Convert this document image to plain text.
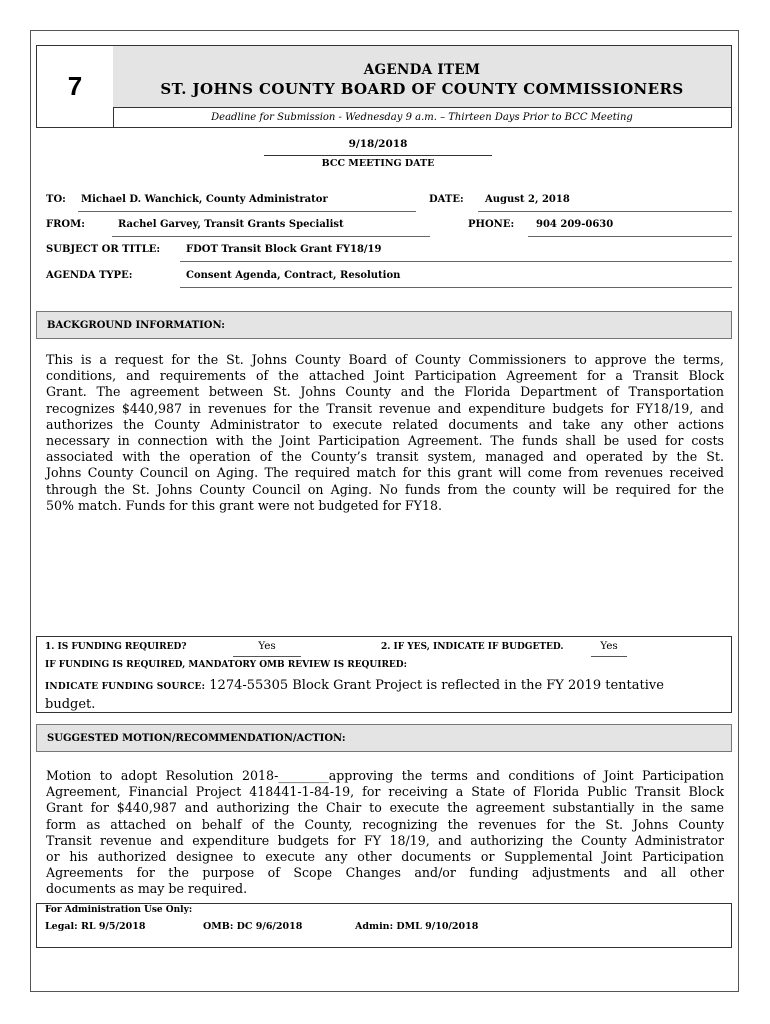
7
AGENDA ITEM
ST. JOHNS COUNTY BOARD OF COUNTY COMMISSIONERS
Deadline for Submission - Wednesday 9 a.m. – Thirteen Days Prior to BCC Meeting
9/18/2018
BCC MEETING DATE
TO: Michael D. Wanchick, County Administrator	DATE: August 2, 2018
FROM:	Rachel Garvey, Transit Grants Specialist	PHONE: 904 209-0630
SUBJECT OR TITLE:	FDOT Transit Block Grant FY18/19
AGENDA TYPE:	Consent Agenda, Contract, Resolution
BACKGROUND INFORMATION:
This is a request for the St. Johns County Board of County Commissioners to approve the terms,
conditions, and requirements of the attached Joint Participation Agreement for a Transit Block
Grant. The agreement between St. Johns County and the Florida Department of Transportation
recognizes $440,987 in revenues for the Transit revenue and expenditure budgets for FY18/19, and
authorizes the County Administrator to execute related documents and take any other actions
necessary in connection with the Joint Participation Agreement. The funds shall be used for costs
associated with the operation of the County’s transit system, managed and operated by the St.
Johns County Council on Aging. The required match for this grant will come from revenues received
through the St. Johns County Council on Aging. No funds from the county will be required for the
50% match. Funds for this grant were not budgeted for FY18.
1. IS FUNDING REQUIRED?	Yes	2. IF YES, INDICATE IF BUDGETED.	Yes
IF FUNDING IS REQUIRED, MANDATORY OMB REVIEW IS REQUIRED:
INDICATE FUNDING SOURCE: 1274-55305 Block Grant Project is reflected in the FY 2019 tentative
budget.
SUGGESTED MOTION/RECOMMENDATION/ACTION:
Motion to adopt Resolution 2018-________approving the terms and conditions of Joint Participation
Agreement, Financial Project 418441-1-84-19, for receiving a State of Florida Public Transit Block
Grant for $440,987 and authorizing the Chair to execute the agreement substantially in the same
form as attached on behalf of the County, recognizing the revenues for the St. Johns County
Transit revenue and expenditure budgets for FY 18/19, and authorizing the County Administrator
or his authorized designee to execute any other documents or Supplemental Joint Participation
Agreements for the purpose of Scope Changes and/or funding adjustments and all other
documents as may be required.
For Administration Use Only:
Legal: RL 9/5/2018	OMB: DC 9/6/2018	Admin: DML 9/10/2018
